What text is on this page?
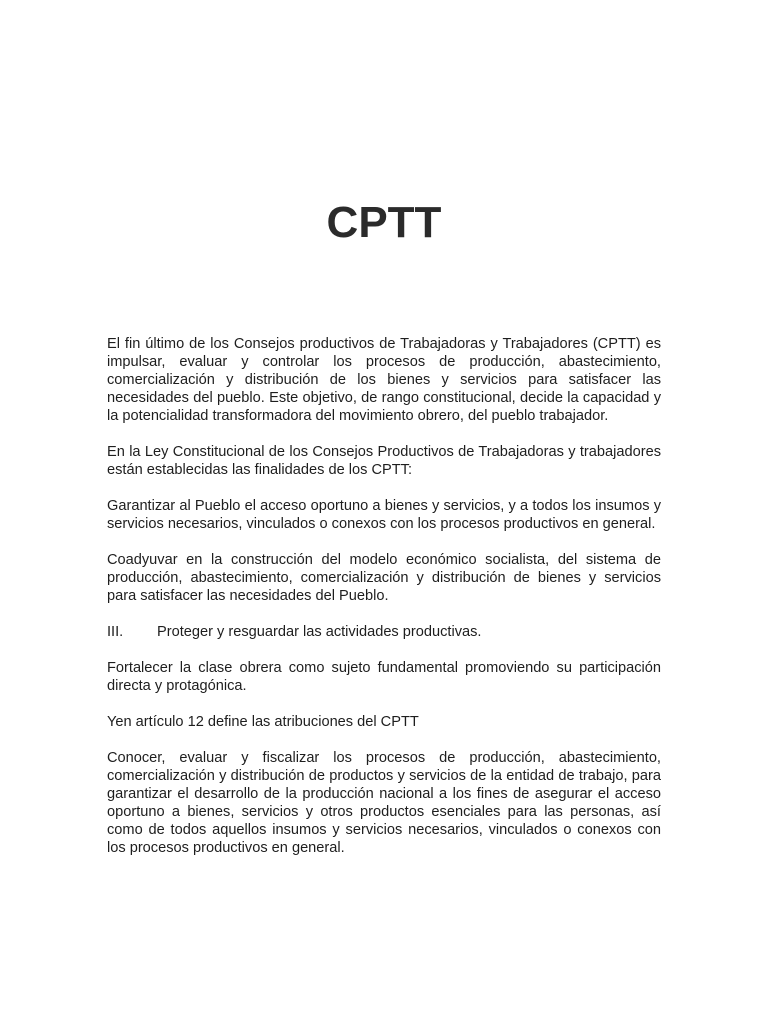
CPTT

El fin último de los Consejos productivos de Trabajadoras y Trabajadores (CPTT) es impulsar, evaluar y controlar los procesos de producción, abastecimiento, comercialización y distribución de los bienes y servicios para satisfacer las necesidades del pueblo. Este objetivo, de rango constitucional, decide la capacidad y la potencialidad transformadora del movimiento obrero, del pueblo trabajador.

En la Ley Constitucional de los Consejos Productivos de Trabajadoras y trabajadores están establecidas las finalidades de los CPTT:

Garantizar al Pueblo el acceso oportuno a bienes y servicios, y a todos los insumos y servicios necesarios, vinculados o conexos con los procesos productivos en general.

Coadyuvar en la construcción del modelo económico socialista, del sistema de producción, abastecimiento, comercialización y distribución de bienes y servicios para satisfacer las necesidades del Pueblo.

III. Proteger y resguardar las actividades productivas.

Fortalecer la clase obrera como sujeto fundamental promoviendo su participación directa y protagónica.

Yen artículo 12 define las atribuciones del CPTT

Conocer, evaluar y fiscalizar los procesos de producción, abastecimiento, comercialización y distribución de productos y servicios de la entidad de trabajo, para garantizar el desarrollo de la producción nacional a los fines de asegurar el acceso oportuno a bienes, servicios y otros productos esenciales para las personas, así como de todos aquellos insumos y servicios necesarios, vinculados o conexos con los procesos productivos en general.
